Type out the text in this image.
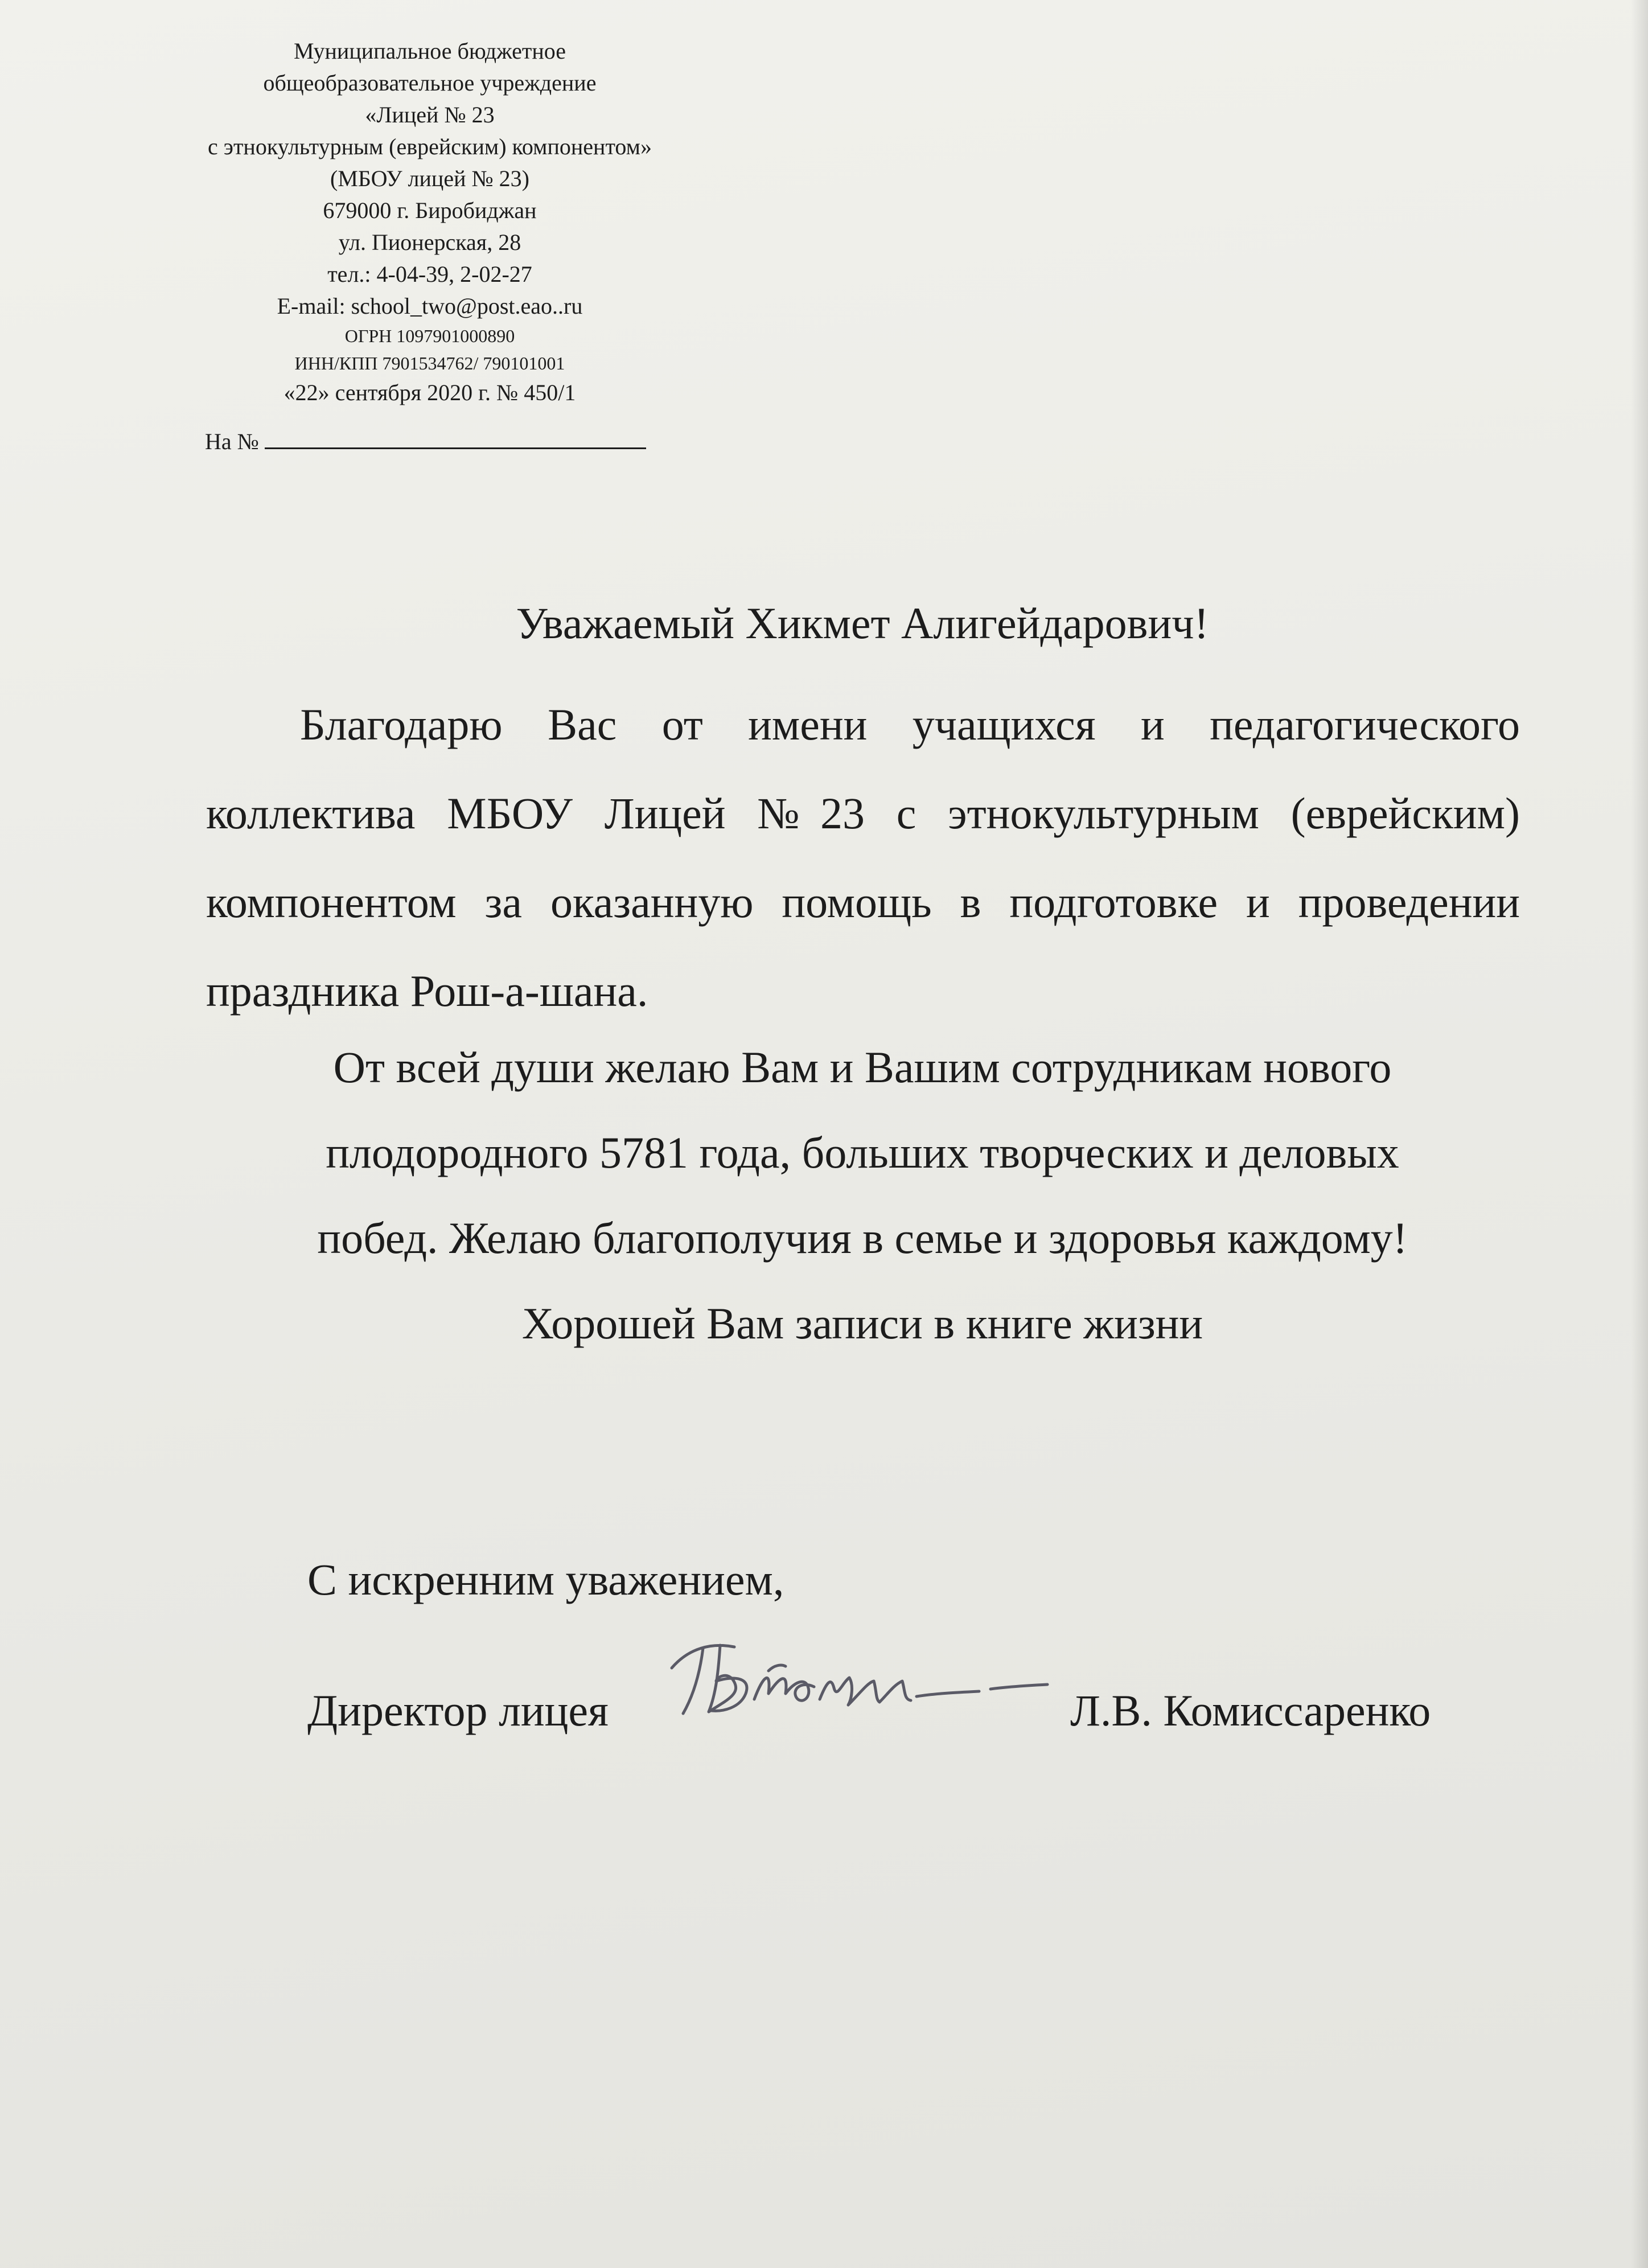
Муниципальное бюджетное
общеобразовательное учреждение
«Лицей № 23
с этнокультурным (еврейским) компонентом»
(МБОУ лицей № 23)
679000 г. Биробиджан
ул. Пионерская, 28
тел.: 4-04-39, 2-02-27
E-mail: school_two@post.eao..ru
ОГРН 1097901000890
ИНН/КПП 7901534762/ 790101001
«22» сентября 2020 г. № 450/1
На №
Уважаемый Хикмет Алигейдарович!
Благодарю Вас от имени учащихся и педагогического коллектива МБОУ Лицей №23 с этнокультурным (еврейским) компонентом за оказанную помощь в подготовке и проведении праздника Рош-а-шана.
От всей души желаю Вам и Вашим сотрудникам нового
плодородного 5781 года, больших творческих и деловых
побед. Желаю благополучия в семье и здоровья каждому!
Хорошей Вам записи в книге жизни
С искренним уважением,
Директор лицея	Л.В. Комиссаренко
